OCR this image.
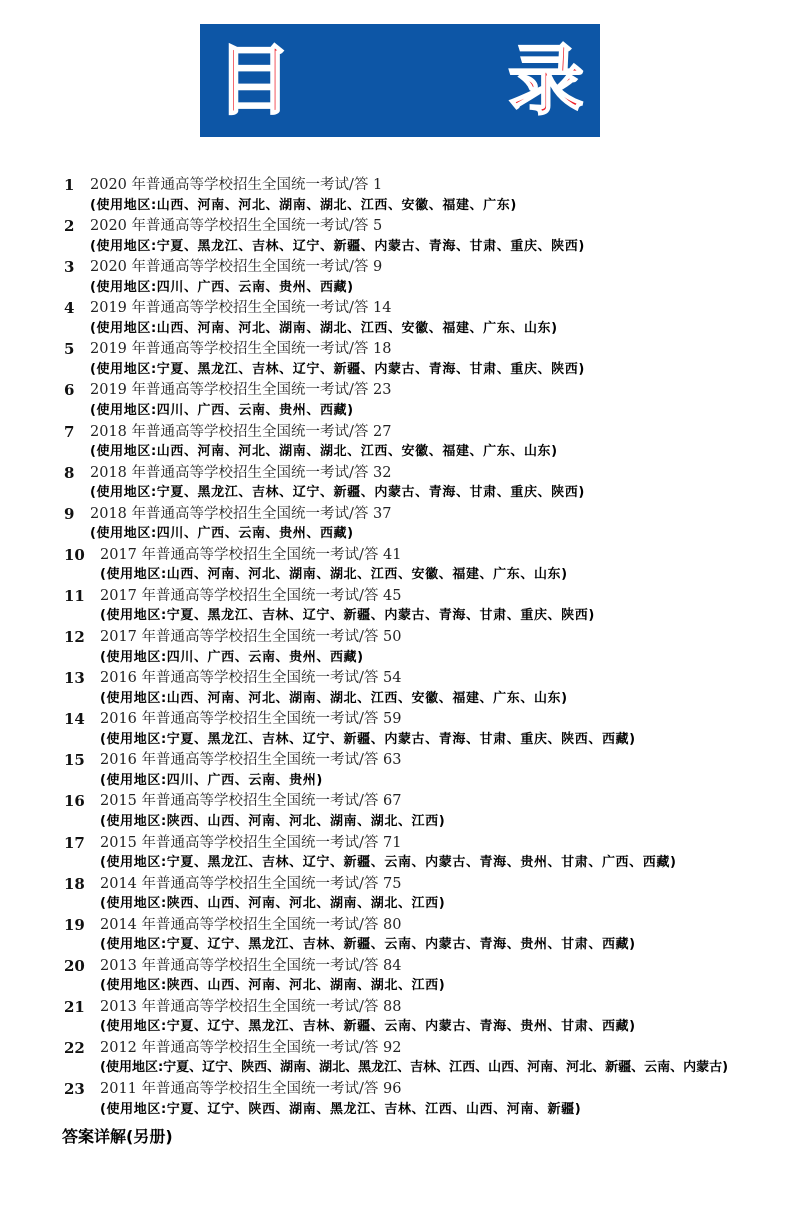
目　录
1 2020 年普通高等学校招生全国统一考试/答 1
(使用地区:山西、河南、河北、湖南、湖北、江西、安徽、福建、广东)
2 2020 年普通高等学校招生全国统一考试/答 5
(使用地区:宁夏、黑龙江、吉林、辽宁、新疆、内蒙古、青海、甘肃、重庆、陕西)
3 2020 年普通高等学校招生全国统一考试/答 9
(使用地区:四川、广西、云南、贵州、西藏)
4 2019 年普通高等学校招生全国统一考试/答 14
(使用地区:山西、河南、河北、湖南、湖北、江西、安徽、福建、广东、山东)
5 2019 年普通高等学校招生全国统一考试/答 18
(使用地区:宁夏、黑龙江、吉林、辽宁、新疆、内蒙古、青海、甘肃、重庆、陕西)
6 2019 年普通高等学校招生全国统一考试/答 23
(使用地区:四川、广西、云南、贵州、西藏)
7 2018 年普通高等学校招生全国统一考试/答 27
(使用地区:山西、河南、河北、湖南、湖北、江西、安徽、福建、广东、山东)
8 2018 年普通高等学校招生全国统一考试/答 32
(使用地区:宁夏、黑龙江、吉林、辽宁、新疆、内蒙古、青海、甘肃、重庆、陕西)
9 2018 年普通高等学校招生全国统一考试/答 37
(使用地区:四川、广西、云南、贵州、西藏)
10 2017 年普通高等学校招生全国统一考试/答 41
(使用地区:山西、河南、河北、湖南、湖北、江西、安徽、福建、广东、山东)
11 2017 年普通高等学校招生全国统一考试/答 45
(使用地区:宁夏、黑龙江、吉林、辽宁、新疆、内蒙古、青海、甘肃、重庆、陕西)
12 2017 年普通高等学校招生全国统一考试/答 50
(使用地区:四川、广西、云南、贵州、西藏)
13 2016 年普通高等学校招生全国统一考试/答 54
(使用地区:山西、河南、河北、湖南、湖北、江西、安徽、福建、广东、山东)
14 2016 年普通高等学校招生全国统一考试/答 59
(使用地区:宁夏、黑龙江、吉林、辽宁、新疆、内蒙古、青海、甘肃、重庆、陕西、西藏)
15 2016 年普通高等学校招生全国统一考试/答 63
(使用地区:四川、广西、云南、贵州)
16 2015 年普通高等学校招生全国统一考试/答 67
(使用地区:陕西、山西、河南、河北、湖南、湖北、江西)
17 2015 年普通高等学校招生全国统一考试/答 71
(使用地区:宁夏、黑龙江、吉林、辽宁、新疆、云南、内蒙古、青海、贵州、甘肃、广西、西藏)
18 2014 年普通高等学校招生全国统一考试/答 75
(使用地区:陕西、山西、河南、河北、湖南、湖北、江西)
19 2014 年普通高等学校招生全国统一考试/答 80
(使用地区:宁夏、辽宁、黑龙江、吉林、新疆、云南、内蒙古、青海、贵州、甘肃、西藏)
20 2013 年普通高等学校招生全国统一考试/答 84
(使用地区:陕西、山西、河南、河北、湖南、湖北、江西)
21 2013 年普通高等学校招生全国统一考试/答 88
(使用地区:宁夏、辽宁、黑龙江、吉林、新疆、云南、内蒙古、青海、贵州、甘肃、西藏)
22 2012 年普通高等学校招生全国统一考试/答 92
(使用地区:宁夏、辽宁、陕西、湖南、湖北、黑龙江、吉林、江西、山西、河南、河北、新疆、云南、内蒙古)
23 2011 年普通高等学校招生全国统一考试/答 96
(使用地区:宁夏、辽宁、陕西、湖南、黑龙江、吉林、江西、山西、河南、新疆)
答案详解(另册)
